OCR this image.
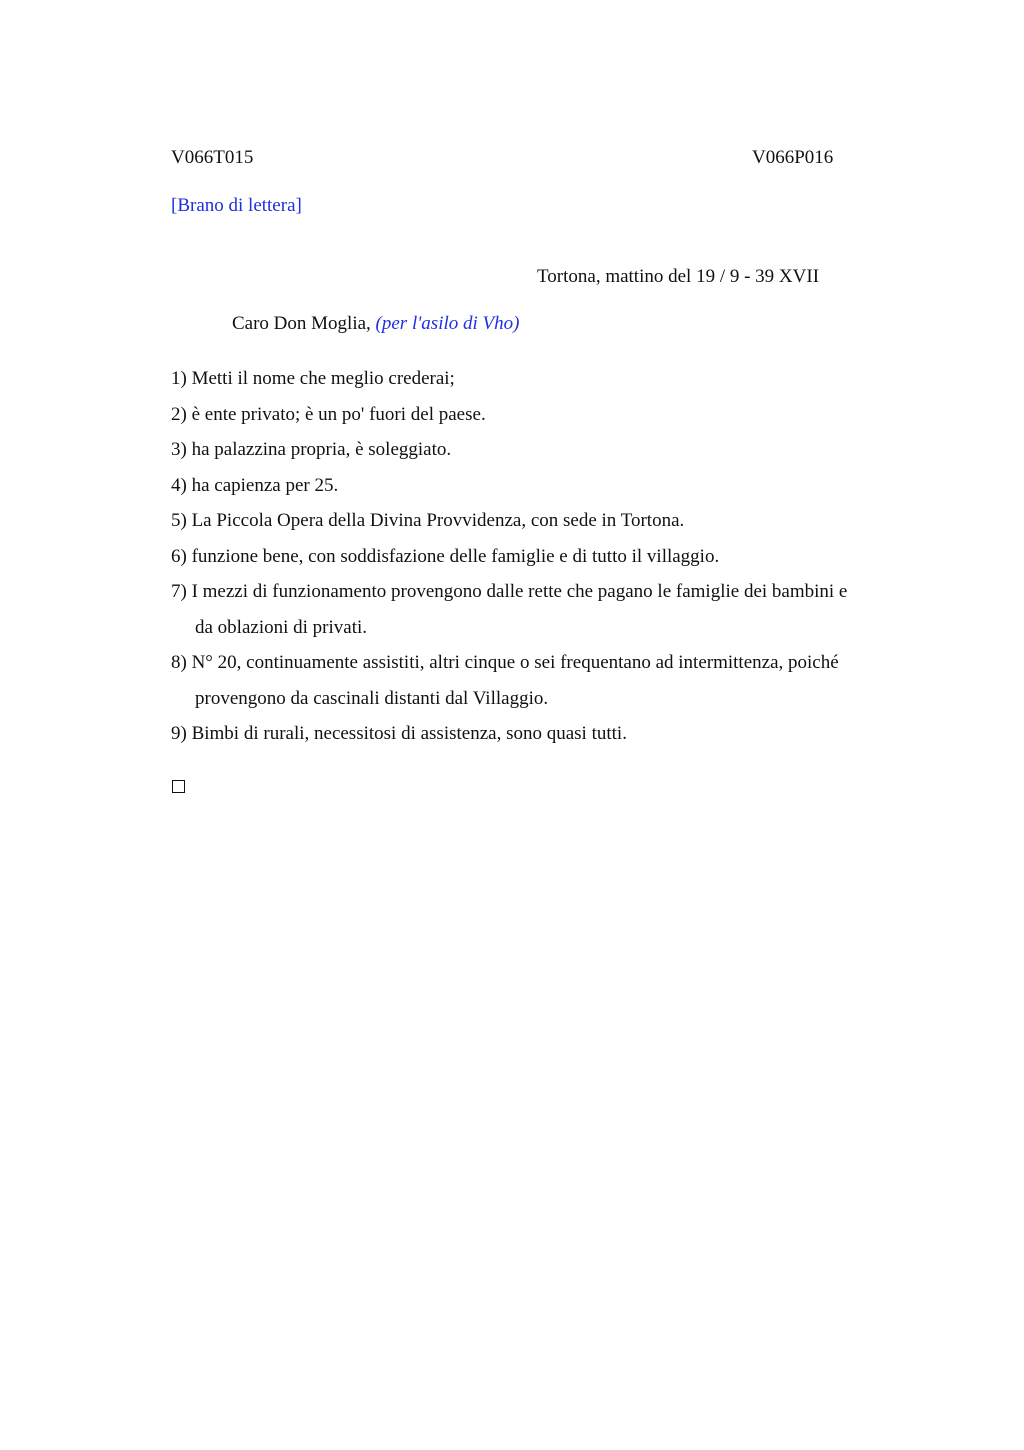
V066T015	V066P016
[Brano di lettera]
Tortona, mattino del 19 / 9 - 39 XVII
Caro Don Moglia, (per l'asilo di Vho)
1) Metti il nome che meglio crederai;
2) è ente privato; è un po' fuori del paese.
3) ha palazzina propria, è soleggiato.
4) ha capienza per 25.
5) La Piccola Opera della Divina Provvidenza, con sede in Tortona.
6) funzione bene, con soddisfazione delle famiglie e di tutto il villaggio.
7) I mezzi di funzionamento provengono dalle rette che pagano le famiglie dei bambini e
da oblazioni di privati.
8) N° 20, continuamente assistiti, altri cinque o sei frequentano ad intermittenza, poiché
provengono da cascinali distanti dal Villaggio.
9) Bimbi di rurali, necessitosi di assistenza, sono quasi tutti.
